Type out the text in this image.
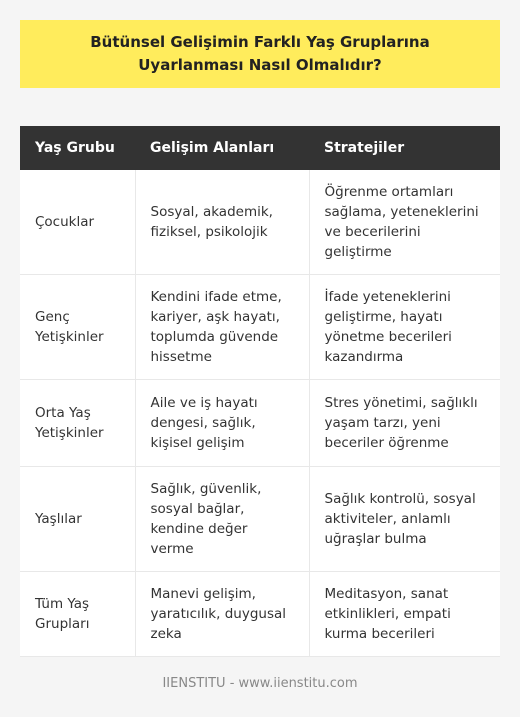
Bütünsel Gelişimin Farklı Yaş Gruplarına Uyarlanması Nasıl Olmalıdır?
Yaş Grubu	Gelişim Alanları	Stratejiler
Çocuklar	Sosyal, akademik, fiziksel, psikolojik	Öğrenme ortamları sağlama, yeteneklerini ve becerilerini geliştirme
Genç Yetişkinler	Kendini ifade etme, kariyer, aşk hayatı, toplumda güvende hissetme	İfade yeteneklerini geliştirme, hayatı yönetme becerileri kazandırma
Orta Yaş Yetişkinler	Aile ve iş hayatı dengesi, sağlık, kişisel gelişim	Stres yönetimi, sağlıklı yaşam tarzı, yeni beceriler öğrenme
Yaşlılar	Sağlık, güvenlik, sosyal bağlar, kendine değer verme	Sağlık kontrolü, sosyal aktiviteler, anlamlı uğraşlar bulma
Tüm Yaş Grupları	Manevi gelişim, yaratıcılık, duygusal zeka	Meditasyon, sanat etkinlikleri, empati kurma becerileri
IIENSTITU - www.iienstitu.com
